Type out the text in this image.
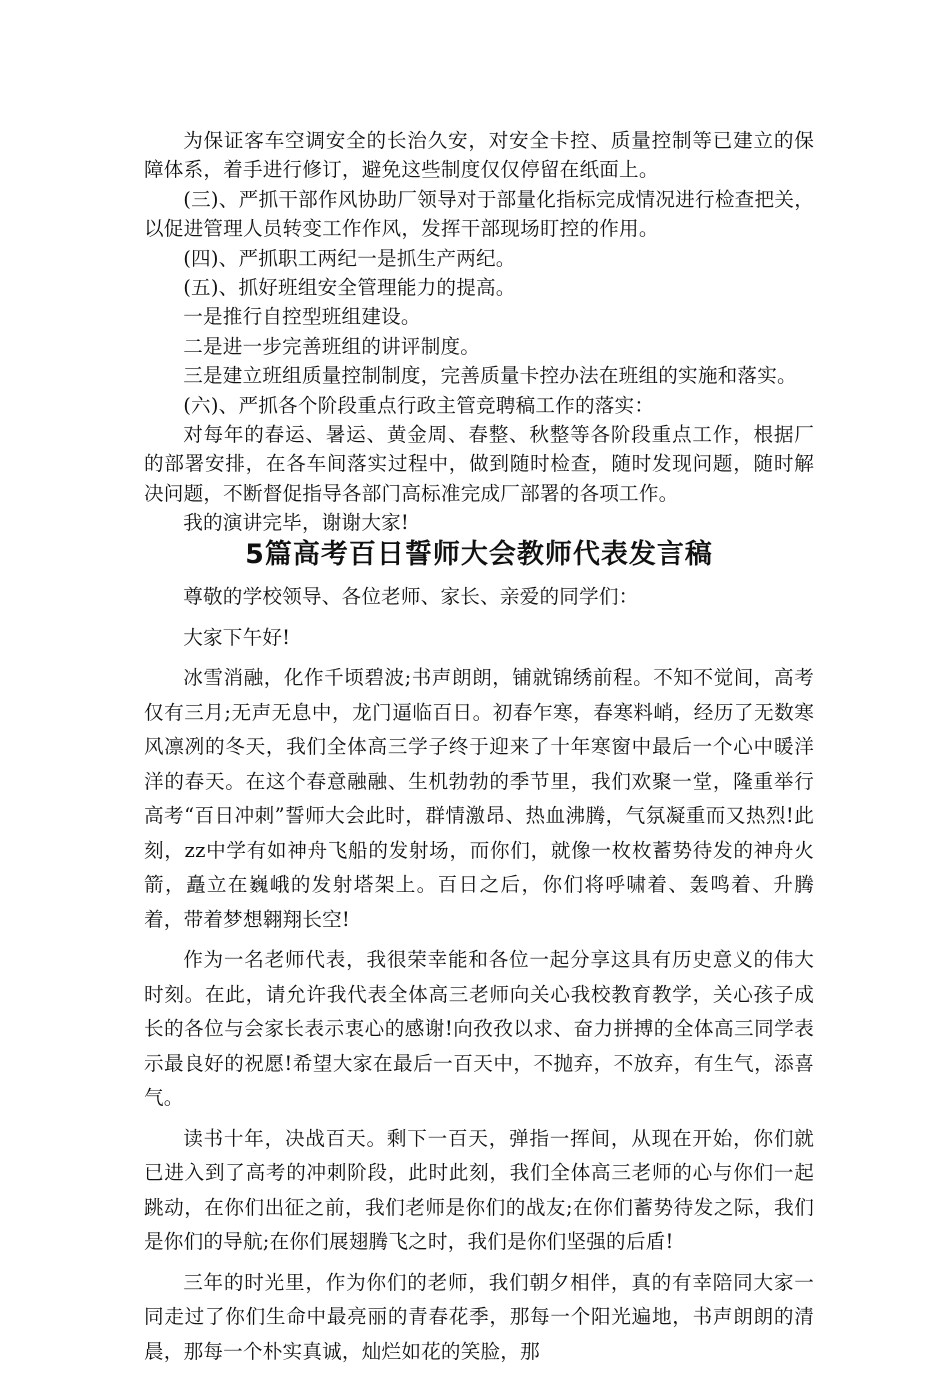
为保证客车空调安全的长治久安，对安全卡控、质量控制等已建立的保障体系，着手进行修订，避免这些制度仅仅停留在纸面上。

(三)、严抓干部作风协助厂领导对于部量化指标完成情况进行检查把关，以促进管理人员转变工作作风，发挥干部现场盯控的作用。

(四)、严抓职工两纪一是抓生产两纪。

(五)、抓好班组安全管理能力的提高。

一是推行自控型班组建设。

二是进一步完善班组的讲评制度。

三是建立班组质量控制制度，完善质量卡控办法在班组的实施和落实。

(六)、严抓各个阶段重点行政主管竞聘稿工作的落实：

对每年的春运、暑运、黄金周、春整、秋整等各阶段重点工作，根据厂的部署安排，在各车间落实过程中，做到随时检查，随时发现问题，随时解决问题，不断督促指导各部门高标准完成厂部署的各项工作。

我的演讲完毕，谢谢大家!

5篇高考百日誓师大会教师代表发言稿

尊敬的学校领导、各位老师、家长、亲爱的同学们：

大家下午好!

冰雪消融，化作千顷碧波;书声朗朗，铺就锦绣前程。不知不觉间，高考仅有三月;无声无息中，龙门逼临百日。初春乍寒，春寒料峭，经历了无数寒风凛冽的冬天，我们全体高三学子终于迎来了十年寒窗中最后一个心中暖洋洋的春天。在这个春意融融、生机勃勃的季节里，我们欢聚一堂，隆重举行高考“百日冲刺”誓师大会此时，群情激昂、热血沸腾，气氛凝重而又热烈!此刻，zz中学有如神舟飞船的发射场，而你们，就像一枚枚蓄势待发的神舟火箭，矗立在巍峨的发射塔架上。百日之后，你们将呼啸着、轰鸣着、升腾着，带着梦想翱翔长空!

作为一名老师代表，我很荣幸能和各位一起分享这具有历史意义的伟大时刻。在此，请允许我代表全体高三老师向关心我校教育教学，关心孩子成长的各位与会家长表示衷心的感谢!向孜孜以求、奋力拼搏的全体高三同学表示最良好的祝愿!希望大家在最后一百天中，不抛弃，不放弃，有生气，添喜气。

读书十年，决战百天。剩下一百天，弹指一挥间，从现在开始，你们就已进入到了高考的冲刺阶段，此时此刻，我们全体高三老师的心与你们一起跳动，在你们出征之前，我们老师是你们的战友;在你们蓄势待发之际，我们是你们的导航;在你们展翅腾飞之时，我们是你们坚强的后盾!

三年的时光里，作为你们的老师，我们朝夕相伴，真的有幸陪同大家一同走过了你们生命中最亮丽的青春花季，那每一个阳光遍地，书声朗朗的清晨，那每一个朴实真诚，灿烂如花的笑脸，那
